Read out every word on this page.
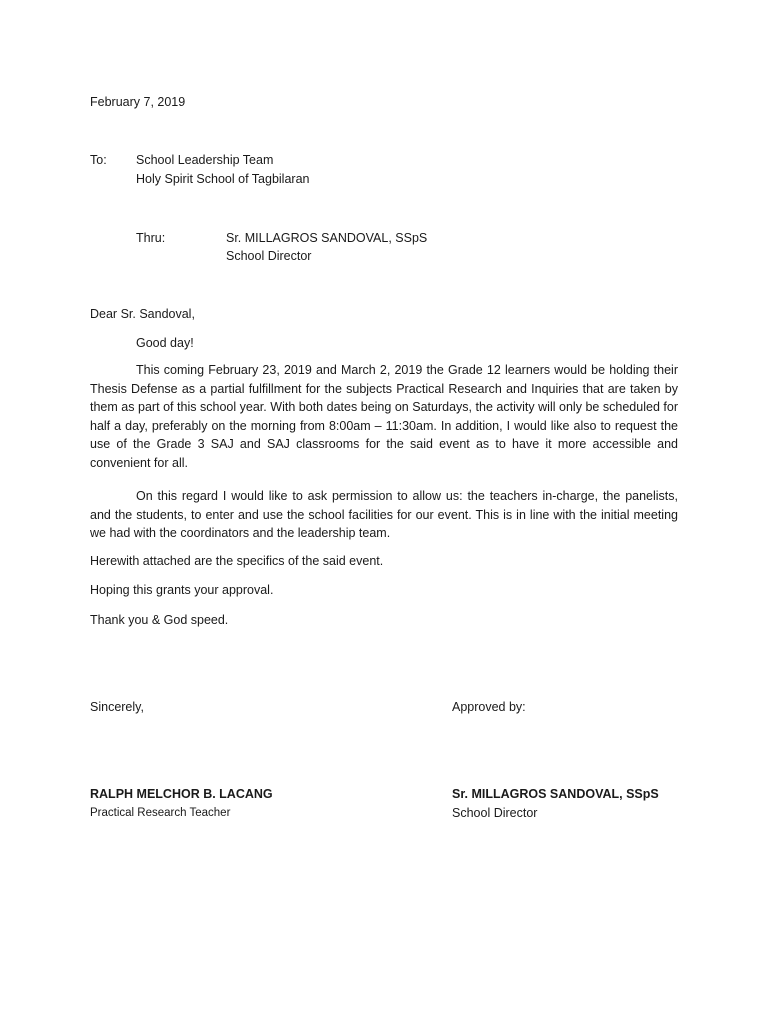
February 7, 2019
To: School Leadership Team
Holy Spirit School of Tagbilaran
Thru:	Sr. MILLAGROS SANDOVAL, SSpS
School Director
Dear Sr. Sandoval,
Good day!

This coming February 23, 2019 and March 2, 2019 the Grade 12 learners would be holding their Thesis Defense as a partial fulfillment for the subjects Practical Research and Inquiries that are taken by them as part of this school year. With both dates being on Saturdays, the activity will only be scheduled for half a day, preferably on the morning from 8:00am – 11:30am. In addition, I would like also to request the use of the Grade 3 SAJ and SAJ classrooms for the said event as to have it more accessible and convenient for all.

On this regard I would like to ask permission to allow us: the teachers in-charge, the panelists, and the students, to enter and use the school facilities for our event. This is in line with the initial meeting we had with the coordinators and the leadership team.

Herewith attached are the specifics of the said event.
Hoping this grants your approval.
Thank you & God speed.
Sincerely,	Approved by:
RALPH MELCHOR B. LACANG
Practical Research Teacher
Sr. MILLAGROS SANDOVAL, SSpS
School Director
